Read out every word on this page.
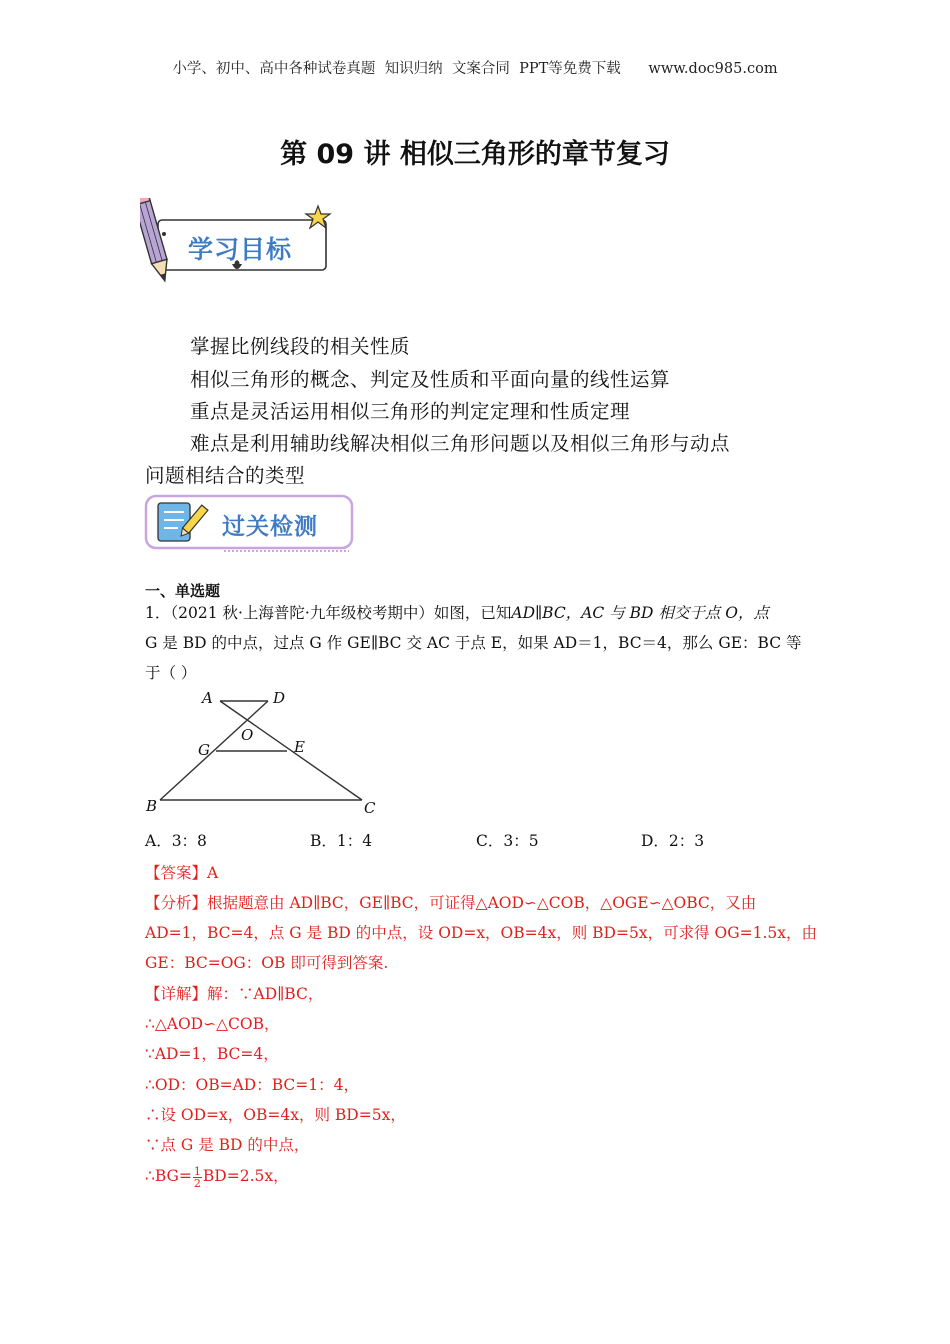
小学、初中、高中各种试卷真题  知识归纳  文案合同  PPT等免费下载 www.doc985.com
第 09 讲 相似三角形的章节复习
学习目标
掌握比例线段的相关性质
相似三角形的概念、判定及性质和平面向量的线性运算
重点是灵活运用相似三角形的判定定理和性质定理
难点是利用辅助线解决相似三角形问题以及相似三角形与动点
问题相结合的类型
过关检测
一、单选题
1．（2021 秋·上海普陀·九年级校考期中）如图，已知AD∥BC，AC 与 BD 相交于点 O，点
G 是 BD 的中点，过点 G 作 GE∥BC 交 AC 于点 E，如果 AD＝1，BC＝4，那么 GE：BC 等
于（ ）
A	D
O
G	E
B	C
A．3：8	B．1：4	C．3：5	D．2：3
【答案】A
【分析】根据题意由 AD∥BC，GE∥BC，可证得△AOD∽△COB，△OGE∽△OBC，又由
AD=1，BC=4，点 G 是 BD 的中点，设 OD=x，OB=4x，则 BD=5x，可求得 OG=1.5x，由
GE：BC=OG：OB 即可得到答案.
【详解】解：∵AD∥BC，
∴△AOD∽△COB，
∵AD=1，BC=4，
∴OD：OB=AD：BC=1：4，
∴设 OD=x，OB=4x，则 BD=5x，
∵点 G 是 BD 的中点，
∴BG= $\frac{1}{2} BD=2.5x$，
